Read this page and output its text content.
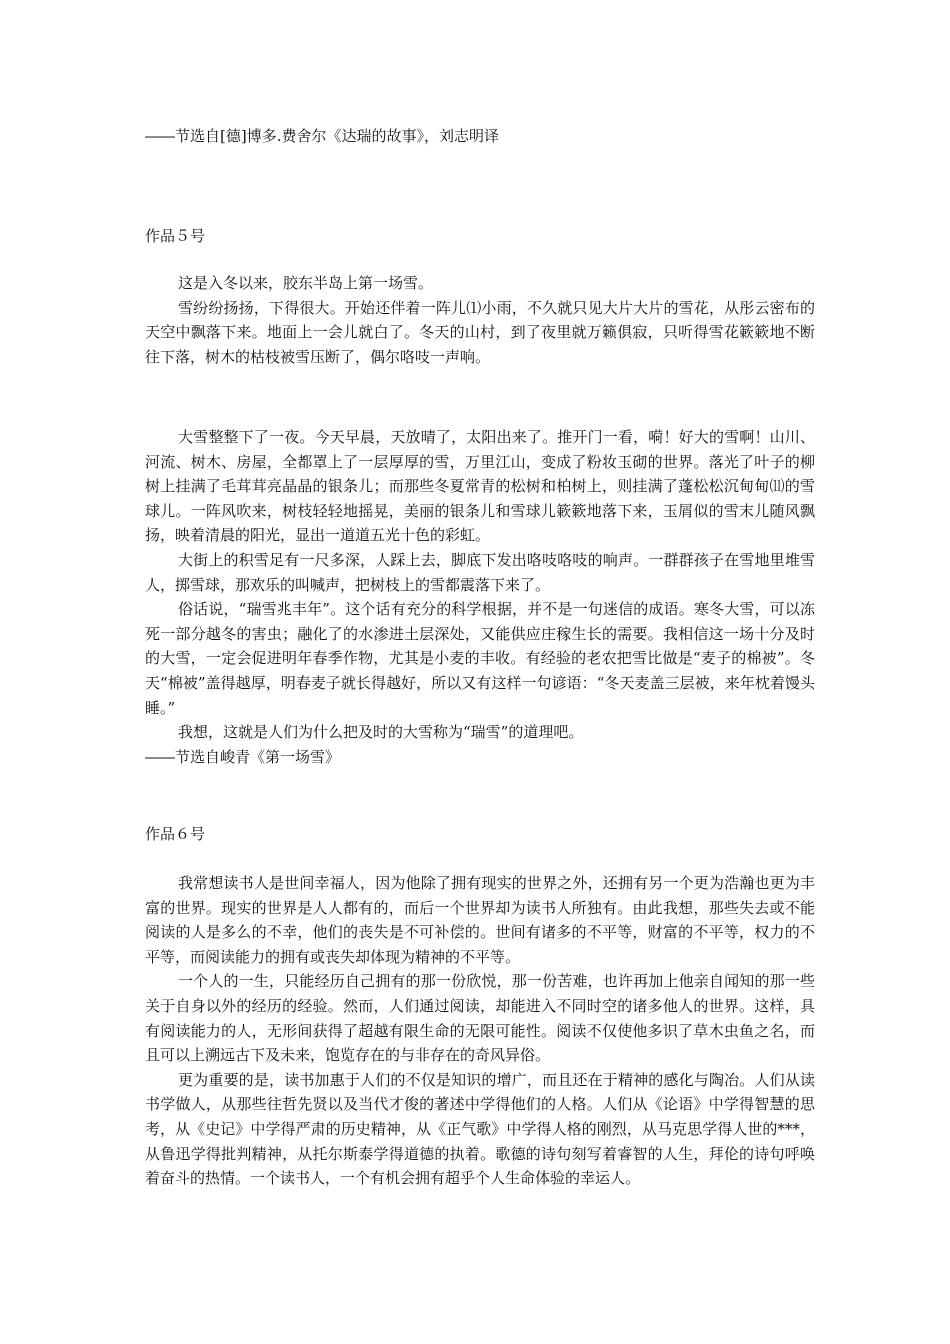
――节选自[德]博多.费舍尔《达瑞的故事》，刘志明译
作品５号

这是入冬以来，胶东半岛上第一场雪。

雪纷纷扬扬，下得很大。开始还伴着一阵儿⑴小雨，不久就只见大片大片的雪花，从彤云密布的天空中飘落下来。地面上一会儿就白了。冬天的山村，到了夜里就万籁俱寂，只听得雪花簌簌地不断往下落，树木的枯枝被雪压断了，偶尔咯吱一声响。

大雪整整下了一夜。今天早晨，天放晴了，太阳出来了。推开门一看，嗬！好大的雪啊！山川、河流、树木、房屋，全都罩上了一层厚厚的雪，万里江山，变成了粉妆玉砌的世界。落光了叶子的柳树上挂满了毛茸茸亮晶晶的银条儿；而那些冬夏常青的松树和柏树上，则挂满了蓬松松沉甸甸⑾的雪球儿。一阵风吹来，树枝轻轻地摇晃，美丽的银条儿和雪球儿簌簌地落下来，玉屑似的雪末儿随风飘扬，映着清晨的阳光，显出一道道五光十色的彩虹。

大街上的积雪足有一尺多深，人踩上去，脚底下发出咯吱咯吱的响声。一群群孩子在雪地里堆雪人，掷雪球，那欢乐的叫喊声，把树枝上的雪都震落下来了。

俗话说，“瑞雪兆丰年”。这个话有充分的科学根据，并不是一句迷信的成语。寒冬大雪，可以冻死一部分越冬的害虫；融化了的水渗进土层深处，又能供应庄稼生长的需要。我相信这一场十分及时的大雪，一定会促进明年春季作物，尤其是小麦的丰收。有经验的老农把雪比做是“麦子的棉被”。冬天“棉被”盖得越厚，明春麦子就长得越好，所以又有这样一句谚语：“冬天麦盖三层被，来年枕着馒头睡。”

我想，这就是人们为什么把及时的大雪称为“瑞雪”的道理吧。

――节选自峻青《第一场雪》
作品６号

我常想读书人是世间幸福人，因为他除了拥有现实的世界之外，还拥有另一个更为浩瀚也更为丰富的世界。现实的世界是人人都有的，而后一个世界却为读书人所独有。由此我想，那些失去或不能阅读的人是多么的不幸，他们的丧失是不可补偿的。世间有诸多的不平等，财富的不平等，权力的不平等，而阅读能力的拥有或丧失却体现为精神的不平等。

一个人的一生，只能经历自己拥有的那一份欣悦，那一份苦难，也许再加上他亲自闻知的那一些关于自身以外的经历的经验。然而，人们通过阅读，却能进入不同时空的诸多他人的世界。这样，具有阅读能力的人，无形间获得了超越有限生命的无限可能性。阅读不仅使他多识了草木虫鱼之名，而且可以上溯远古下及未来，饱览存在的与非存在的奇风异俗。

更为重要的是，读书加惠于人们的不仅是知识的增广，而且还在于精神的感化与陶冶。人们从读书学做人，从那些往哲先贤以及当代才俊的著述中学得他们的人格。人们从《论语》中学得智慧的思考，从《史记》中学得严肃的历史精神，从《正气歌》中学得人格的刚烈，从马克思学得人世的***，从鲁迅学得批判精神，从托尔斯泰学得道德的执着。歌德的诗句刻写着睿智的人生，拜伦的诗句呼唤着奋斗的热情。一个读书人，一个有机会拥有超乎个人生命体验的幸运人。
